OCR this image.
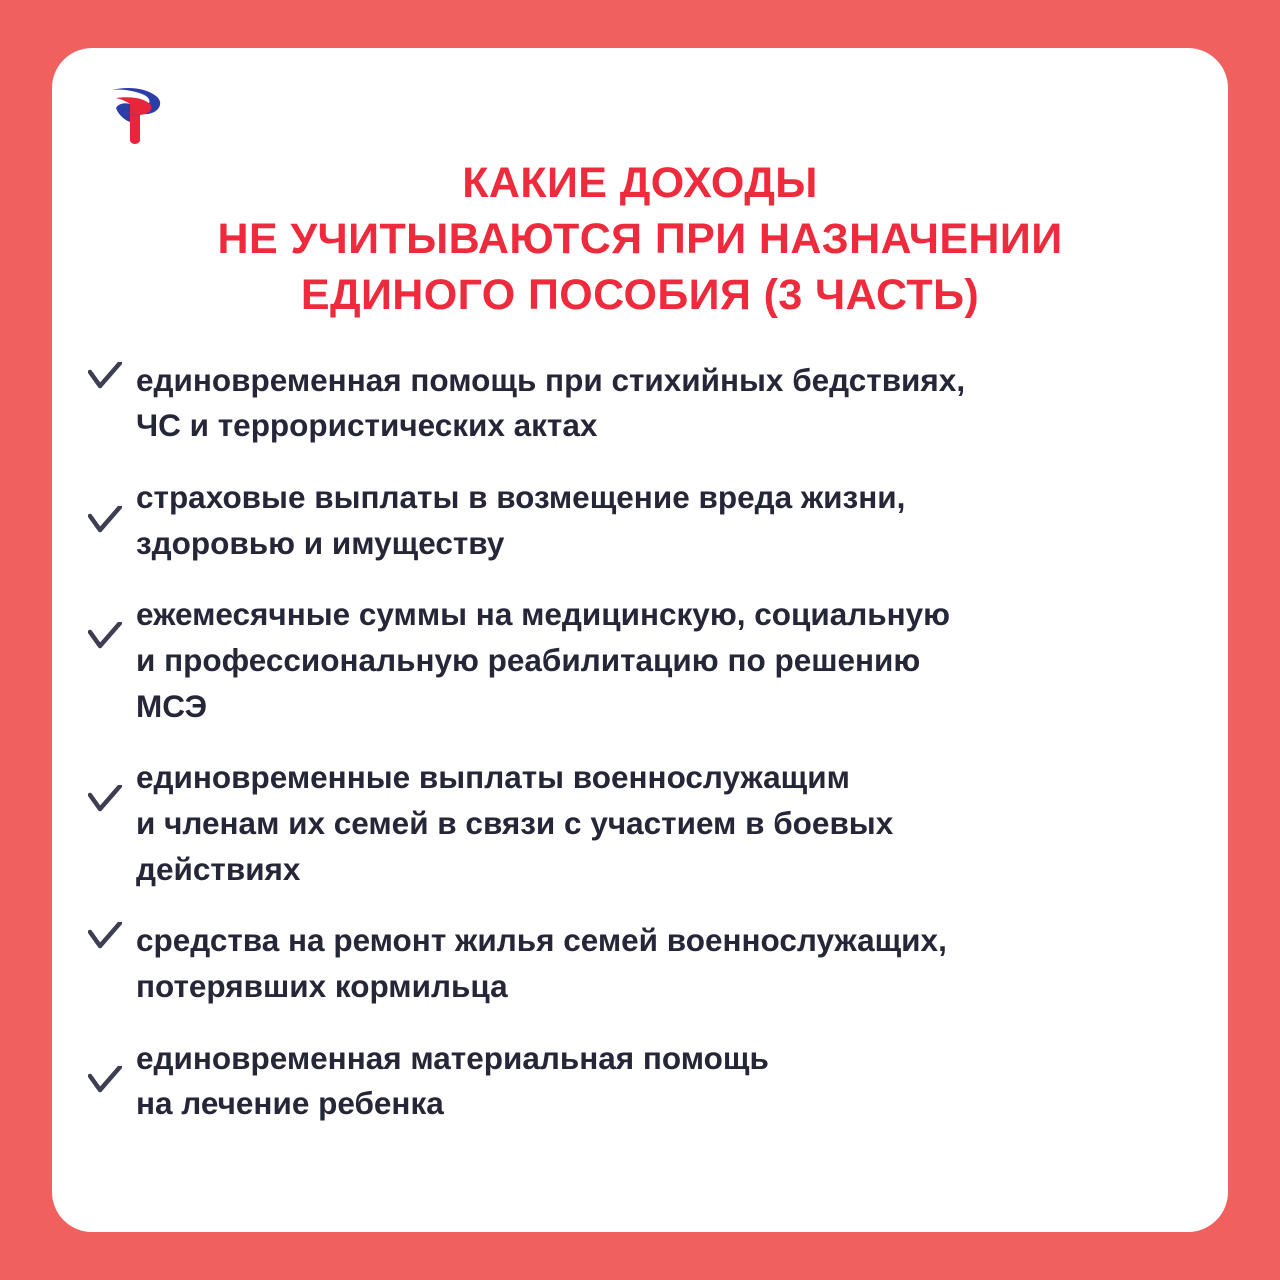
КАКИЕ ДОХОДЫ
НЕ УЧИТЫВАЮТСЯ ПРИ НАЗНАЧЕНИИ
ЕДИНОГО ПОСОБИЯ (3 ЧАСТЬ)
единовременная помощь при стихийных бедствиях,
ЧС и террористических актах
страховые выплаты в возмещение вреда жизни,
здоровью и имуществу
ежемесячные суммы на медицинскую, социальную
и профессиональную реабилитацию по решению
МСЭ
единовременные выплаты военнослужащим
и членам их семей в связи с участием в боевых
действиях
средства на ремонт жилья семей военнослужащих,
потерявших кормильца
единовременная материальная помощь
на лечение ребенка
